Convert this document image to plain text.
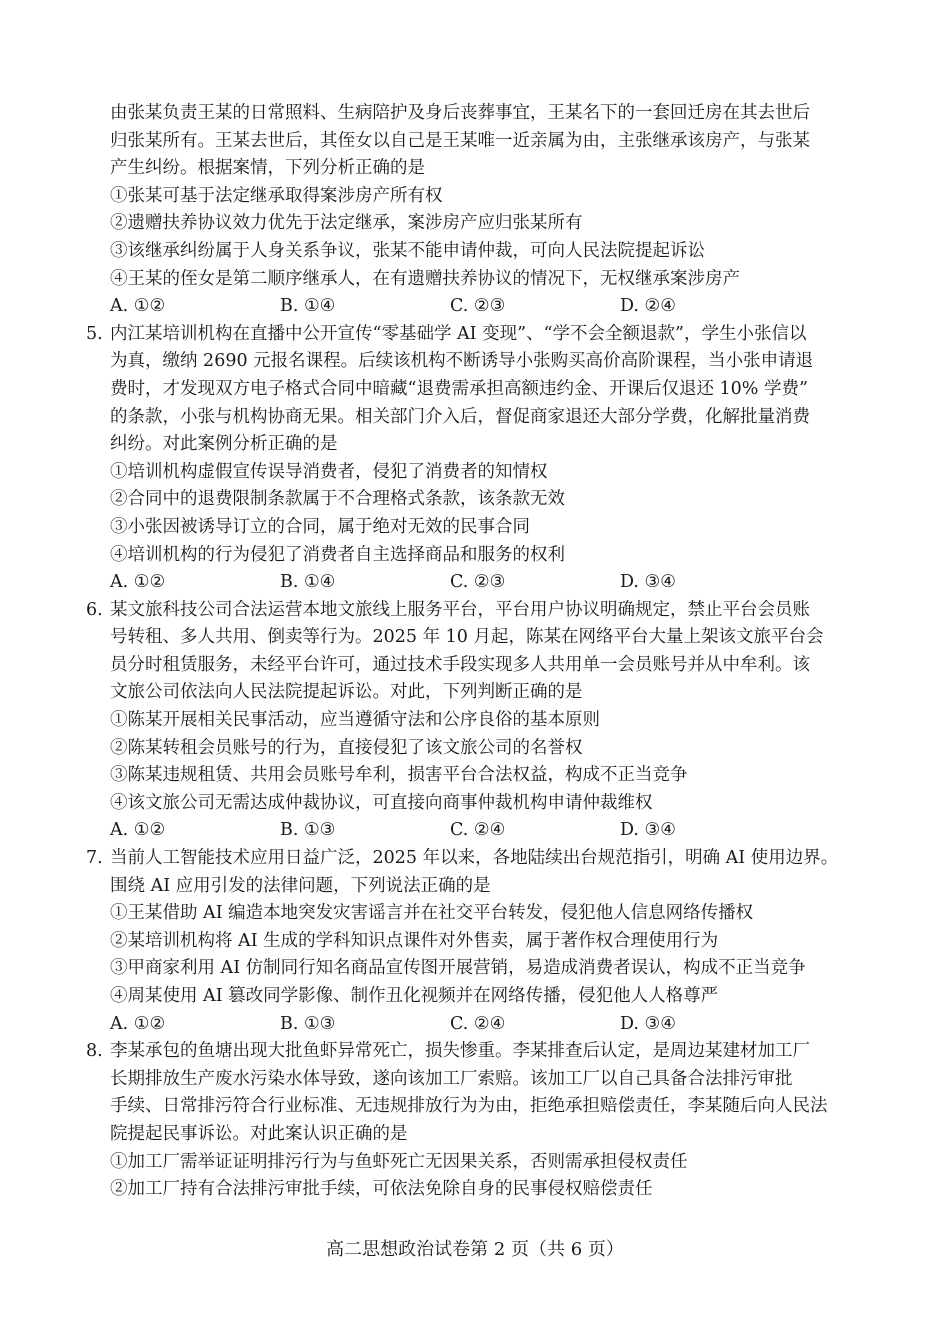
由张某负责王某的日常照料、生病陪护及身后丧葬事宜，王某名下的一套回迁房在其去世后
归张某所有。王某去世后，其侄女以自己是王某唯一近亲属为由，主张继承该房产，与张某
产生纠纷。根据案情，下列分析正确的是
①张某可基于法定继承取得案涉房产所有权
②遗赠扶养协议效力优先于法定继承，案涉房产应归张某所有
③该继承纠纷属于人身关系争议，张某不能申请仲裁，可向人民法院提起诉讼
④王某的侄女是第二顺序继承人，在有遗赠扶养协议的情况下，无权继承案涉房产
A. ①②	B. ①④	C. ②③	D. ②④
5. 内江某培训机构在直播中公开宣传“零基础学 AI 变现”、“学不会全额退款”，学生小张信以
为真，缴纳 2690 元报名课程。后续该机构不断诱导小张购买高价高阶课程，当小张申请退
费时，才发现双方电子格式合同中暗藏“退费需承担高额违约金、开课后仅退还 10% 学费”
的条款，小张与机构协商无果。相关部门介入后，督促商家退还大部分学费，化解批量消费
纠纷。对此案例分析正确的是
①培训机构虚假宣传误导消费者，侵犯了消费者的知情权
②合同中的退费限制条款属于不合理格式条款，该条款无效
③小张因被诱导订立的合同，属于绝对无效的民事合同
④培训机构的行为侵犯了消费者自主选择商品和服务的权利
A. ①②	B. ①④	C. ②③	D. ③④
6. 某文旅科技公司合法运营本地文旅线上服务平台，平台用户协议明确规定，禁止平台会员账
号转租、多人共用、倒卖等行为。2025 年 10 月起，陈某在网络平台大量上架该文旅平台会
员分时租赁服务，未经平台许可，通过技术手段实现多人共用单一会员账号并从中牟利。该
文旅公司依法向人民法院提起诉讼。对此，下列判断正确的是
①陈某开展相关民事活动，应当遵循守法和公序良俗的基本原则
②陈某转租会员账号的行为，直接侵犯了该文旅公司的名誉权
③陈某违规租赁、共用会员账号牟利，损害平台合法权益，构成不正当竞争
④该文旅公司无需达成仲裁协议，可直接向商事仲裁机构申请仲裁维权
A. ①②	B. ①③	C. ②④	D. ③④
7. 当前人工智能技术应用日益广泛，2025 年以来，各地陆续出台规范指引，明确 AI 使用边界。
围绕 AI 应用引发的法律问题，下列说法正确的是
①王某借助 AI 编造本地突发灾害谣言并在社交平台转发，侵犯他人信息网络传播权
②某培训机构将 AI 生成的学科知识点课件对外售卖，属于著作权合理使用行为
③甲商家利用 AI 仿制同行知名商品宣传图开展营销，易造成消费者误认，构成不正当竞争
④周某使用 AI 篡改同学影像、制作丑化视频并在网络传播，侵犯他人人格尊严
A. ①②	B. ①③	C. ②④	D. ③④
8. 李某承包的鱼塘出现大批鱼虾异常死亡，损失惨重。李某排查后认定，是周边某建材加工厂
长期排放生产废水污染水体导致，遂向该加工厂索赔。该加工厂以自己具备合法排污审批
手续、日常排污符合行业标准、无违规排放行为为由，拒绝承担赔偿责任，李某随后向人民法
院提起民事诉讼。对此案认识正确的是
①加工厂需举证证明排污行为与鱼虾死亡无因果关系，否则需承担侵权责任
②加工厂持有合法排污审批手续，可依法免除自身的民事侵权赔偿责任
高二思想政治试卷第 2 页（共 6 页）
